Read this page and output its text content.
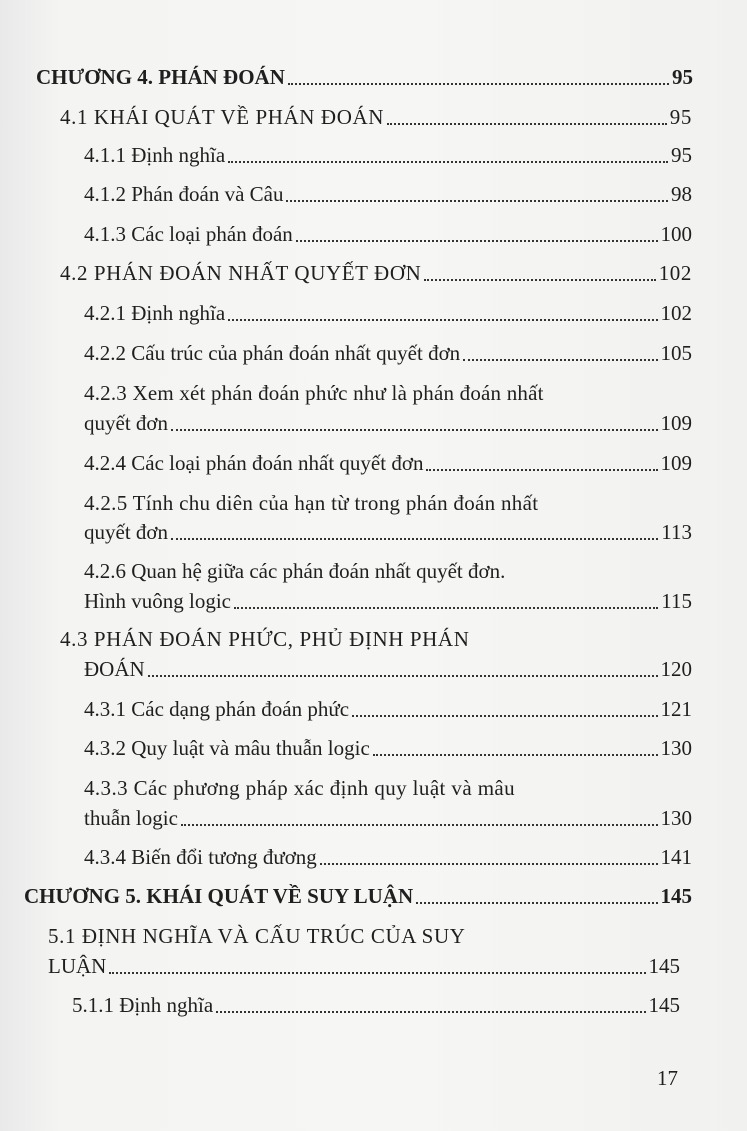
CHƯƠNG 4. PHÁN ĐOÁN	95
4.1 KHÁI QUÁT VỀ PHÁN ĐOÁN	95
4.1.1 Định nghĩa	95
4.1.2 Phán đoán và Câu	98
4.1.3 Các loại phán đoán	100
4.2 PHÁN ĐOÁN NHẤT QUYẾT ĐƠN	102
4.2.1 Định nghĩa	102
4.2.2 Cấu trúc của phán đoán nhất quyết đơn	105
4.2.3 Xem xét phán đoán phức như là phán đoán nhất
quyết đơn	109
4.2.4 Các loại phán đoán nhất quyết đơn	109
4.2.5 Tính chu diên của hạn từ trong phán đoán nhất
quyết đơn	113
4.2.6 Quan hệ giữa các phán đoán nhất quyết đơn.
Hình vuông logic	115
4.3 PHÁN ĐOÁN PHỨC, PHỦ ĐỊNH PHÁN
ĐOÁN	120
4.3.1 Các dạng phán đoán phức	121
4.3.2 Quy luật và mâu thuẫn logic	130
4.3.3 Các phương pháp xác định quy luật và mâu
thuẫn logic	130
4.3.4 Biến đổi tương đương	141
CHƯƠNG 5. KHÁI QUÁT VỀ SUY LUẬN	145
5.1 ĐỊNH NGHĨA VÀ CẤU TRÚC CỦA SUY
LUẬN	145
5.1.1 Định nghĩa	145
17
